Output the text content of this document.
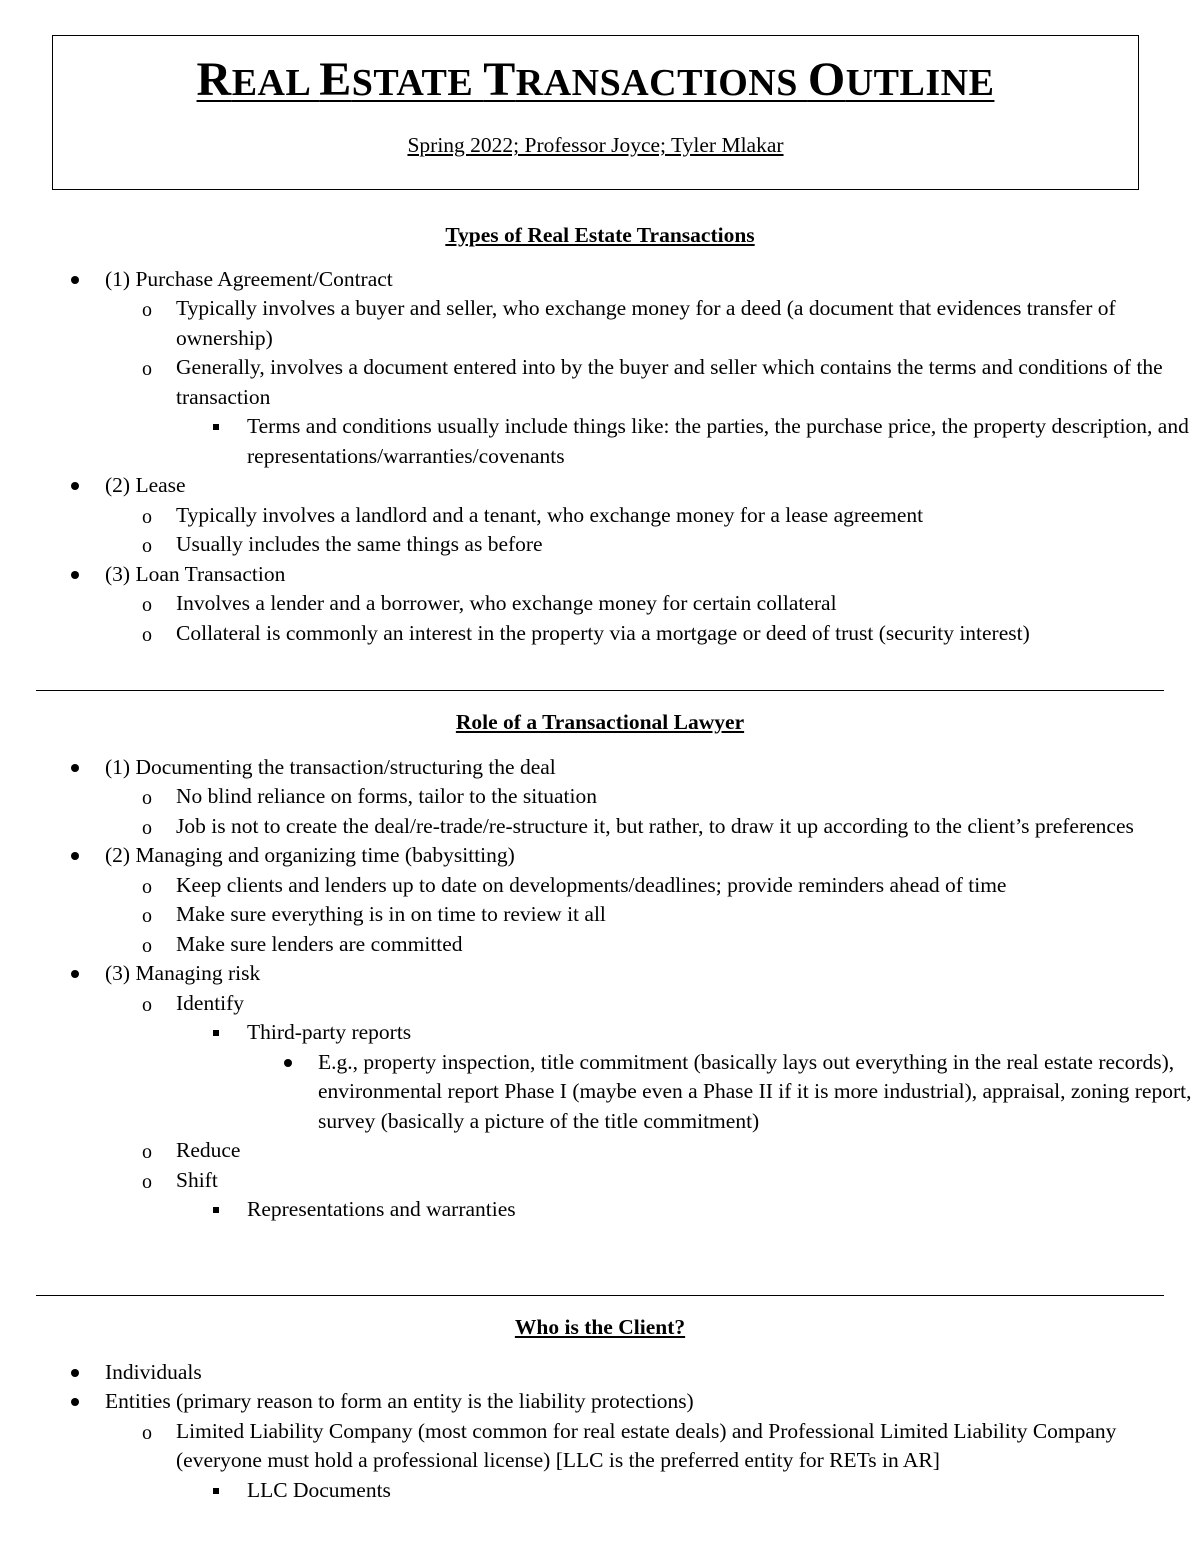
REAL ESTATE TRANSACTIONS OUTLINE
Spring 2022; Professor Joyce; Tyler Mlakar
Types of Real Estate Transactions
(1) Purchase Agreement/Contract
o Typically involves a buyer and seller, who exchange money for a deed (a document that evidences transfer of ownership)
o Generally, involves a document entered into by the buyer and seller which contains the terms and conditions of the transaction
Terms and conditions usually include things like: the parties, the purchase price, the property description, and representations/warranties/covenants
(2) Lease
o Typically involves a landlord and a tenant, who exchange money for a lease agreement
o Usually includes the same things as before
(3) Loan Transaction
o Involves a lender and a borrower, who exchange money for certain collateral
o Collateral is commonly an interest in the property via a mortgage or deed of trust (security interest)
Role of a Transactional Lawyer
(1) Documenting the transaction/structuring the deal
o No blind reliance on forms, tailor to the situation
o Job is not to create the deal/re-trade/re-structure it, but rather, to draw it up according to the client’s preferences
(2) Managing and organizing time (babysitting)
o Keep clients and lenders up to date on developments/deadlines; provide reminders ahead of time
o Make sure everything is in on time to review it all
o Make sure lenders are committed
(3) Managing risk
o Identify
Third-party reports
E.g., property inspection, title commitment (basically lays out everything in the real estate records), environmental report Phase I (maybe even a Phase II if it is more industrial), appraisal, zoning report, survey (basically a picture of the title commitment)
o Reduce
o Shift
Representations and warranties
Who is the Client?
Individuals
Entities (primary reason to form an entity is the liability protections)
o Limited Liability Company (most common for real estate deals) and Professional Limited Liability Company (everyone must hold a professional license) [LLC is the preferred entity for RETs in AR]
LLC Documents
